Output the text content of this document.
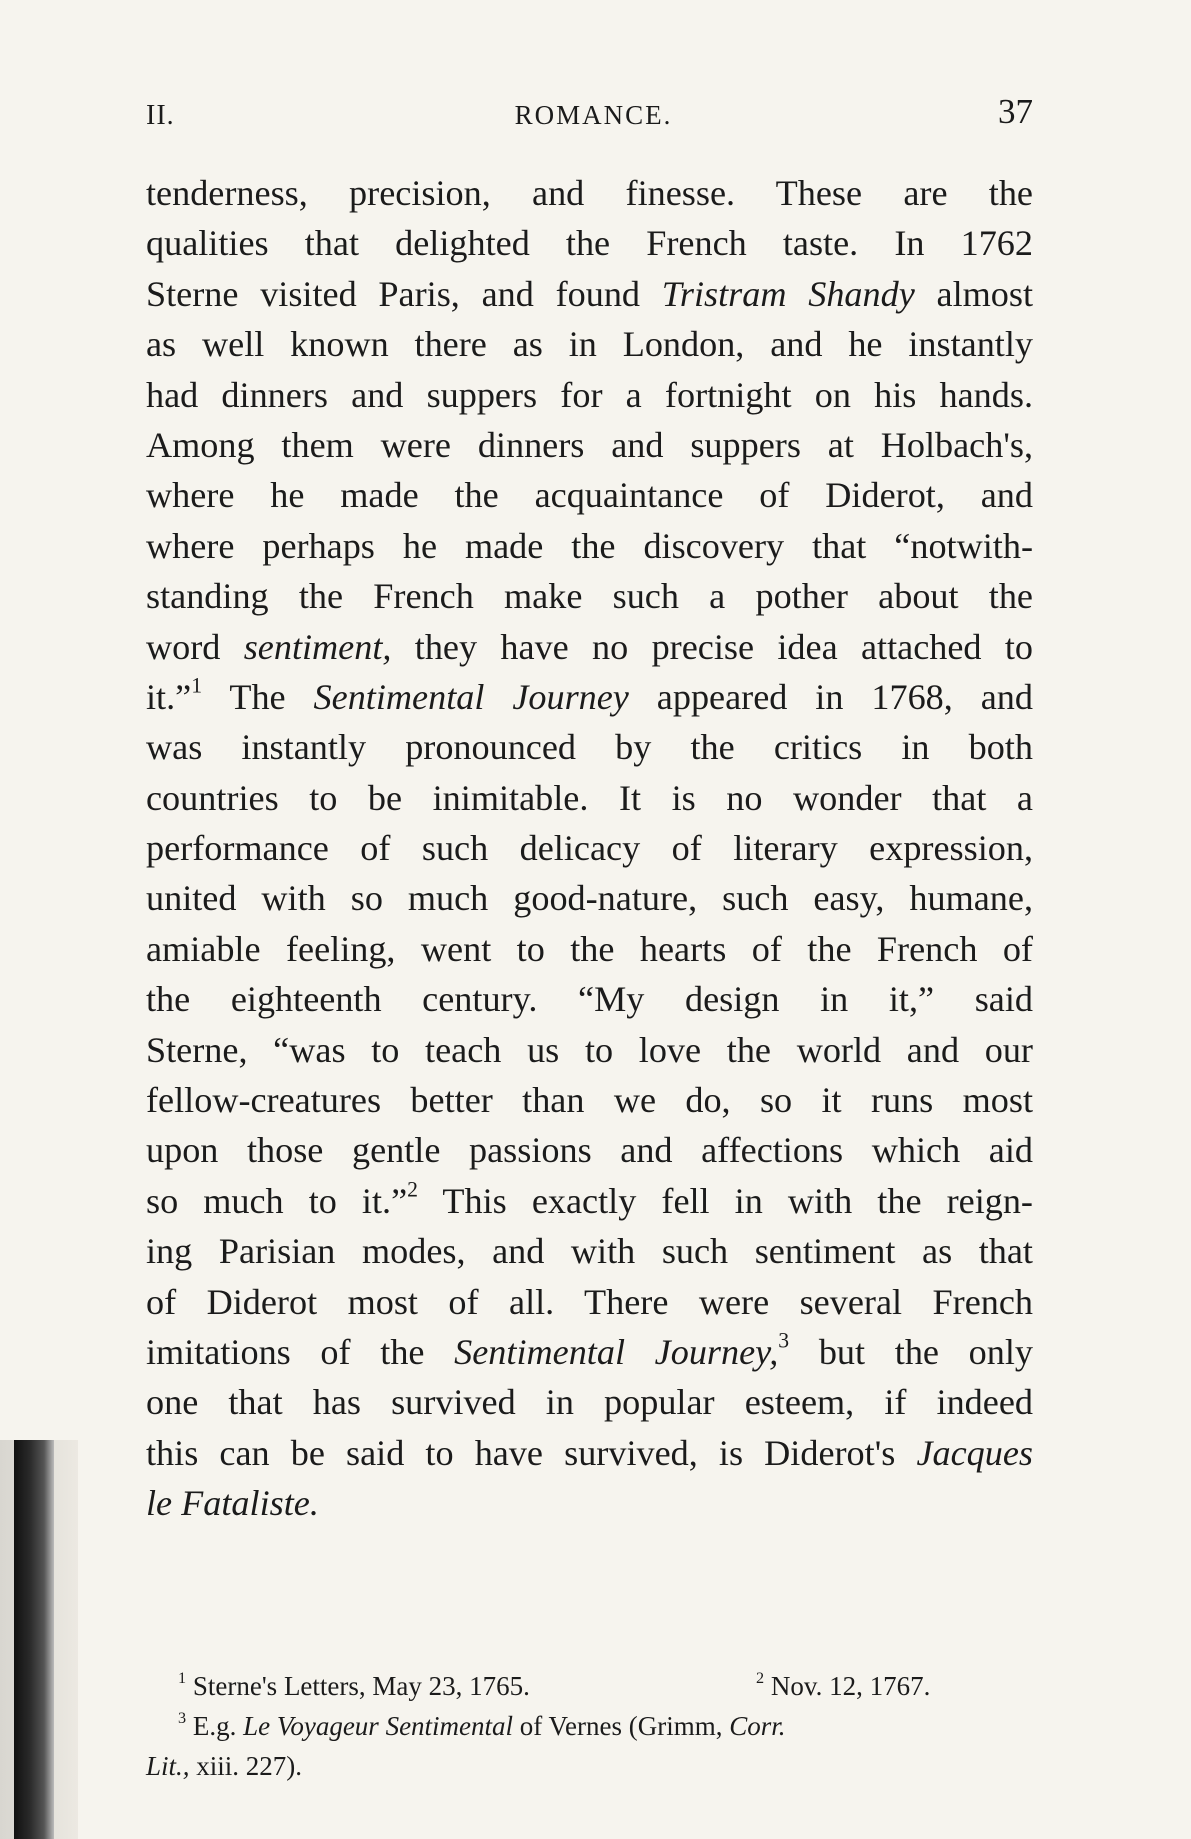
II.	ROMANCE.	37
tenderness, precision, and finesse. These are the
qualities that delighted the French taste. In 1762
Sterne visited Paris, and found Tristram Shandy almost
as well known there as in London, and he instantly
had dinners and suppers for a fortnight on his hands.
Among them were dinners and suppers at Holbach's,
where he made the acquaintance of Diderot, and
where perhaps he made the discovery that “notwith-
standing the French make such a pother about the
word sentiment, they have no precise idea attached to
it.”$^1$ The Sentimental Journey appeared in 1768, and
was instantly pronounced by the critics in both
countries to be inimitable. It is no wonder that a
performance of such delicacy of literary expression,
united with so much good-nature, such easy, humane,
amiable feeling, went to the hearts of the French of
the eighteenth century. “My design in it,” said
Sterne, “was to teach us to love the world and our
fellow-creatures better than we do, so it runs most
upon those gentle passions and affections which aid
so much to it.”$^2$ This exactly fell in with the reign-
ing Parisian modes, and with such sentiment as that
of Diderot most of all. There were several French
imitations of the Sentimental Journey,$^3$ but the only
one that has survived in popular esteem, if indeed
this can be said to have survived, is Diderot's Jacques
le Fataliste.
$^1$ Sterne's Letters, May 23, 1765.	$^2$ Nov. 12, 1767.
$^3$ E.g. Le Voyageur Sentimental of Vernes (Grimm, Corr.
Lit., xiii. 227).
